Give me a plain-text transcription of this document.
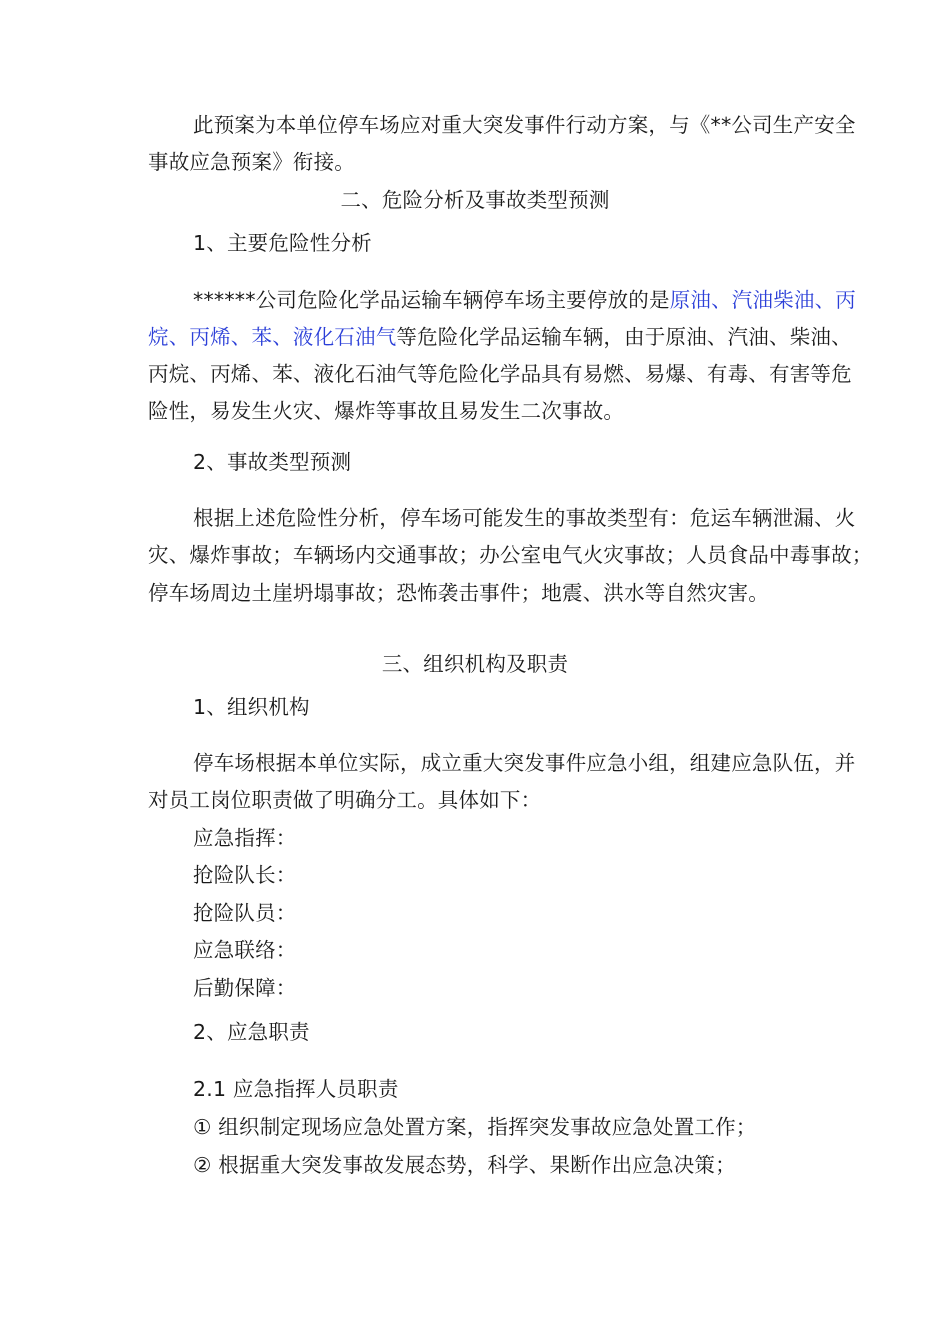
此预案为本单位停车场应对重大突发事件行动方案，与《**公司生产安全
事故应急预案》衔接。
二、危险分析及事故类型预测
1、主要危险性分析
******公司危险化学品运输车辆停车场主要停放的是原油、汽油柴油、丙
烷、丙烯、苯、液化石油气等危险化学品运输车辆，由于原油、汽油、柴油、
丙烷、丙烯、苯、液化石油气等危险化学品具有易燃、易爆、有毒、有害等危
险性，易发生火灾、爆炸等事故且易发生二次事故。
2、事故类型预测
根据上述危险性分析，停车场可能发生的事故类型有：危运车辆泄漏、火
灾、爆炸事故；车辆场内交通事故；办公室电气火灾事故；人员食品中毒事故；
停车场周边土崖坍塌事故；恐怖袭击事件；地震、洪水等自然灾害。
三、组织机构及职责
1、组织机构
停车场根据本单位实际，成立重大突发事件应急小组，组建应急队伍，并
对员工岗位职责做了明确分工。具体如下：
应急指挥：
抢险队长：
抢险队员：
应急联络：
后勤保障：
2、应急职责
2.1 应急指挥人员职责
① 组织制定现场应急处置方案，指挥突发事故应急处置工作；
② 根据重大突发事故发展态势，科学、果断作出应急决策；
